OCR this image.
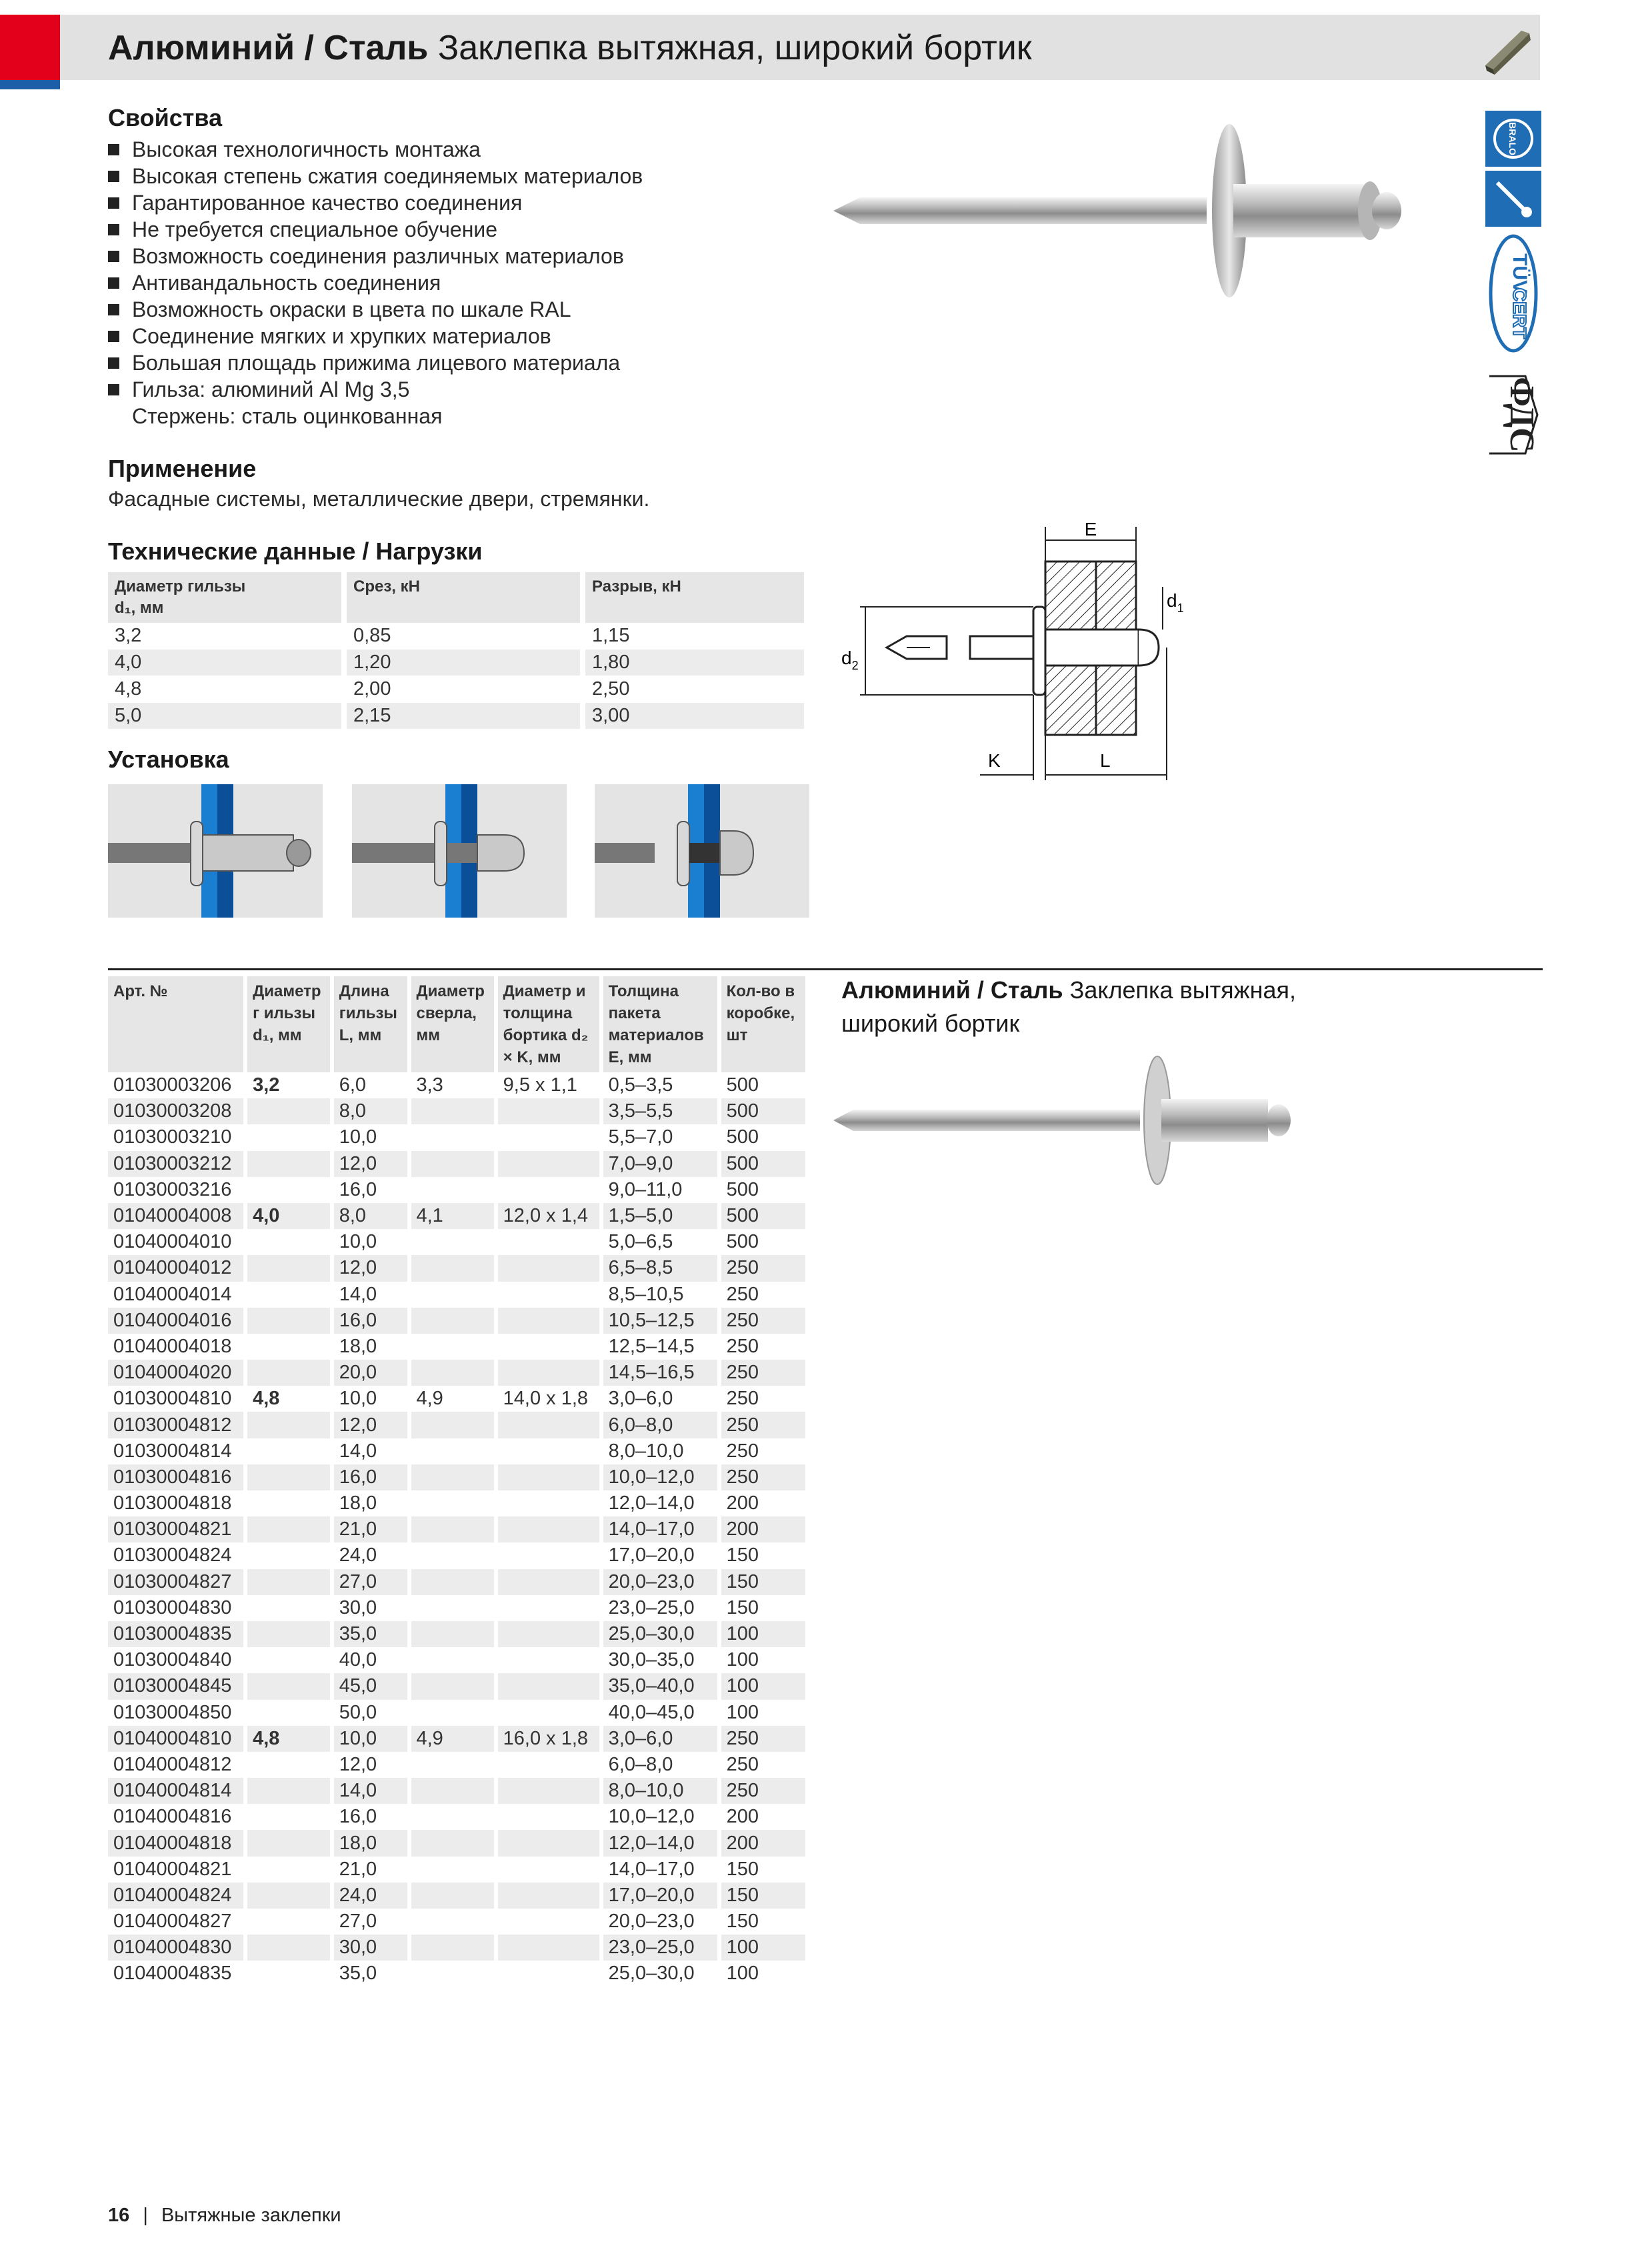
Алюминий / Сталь Заклепка вытяжная, широкий бортик
Свойства
Высокая технологичность монтажа
Высокая степень сжатия соединяемых материалов
Гарантированное качество соединения
Не требуется специальное обучение
Возможность соединения различных материалов
Антивандальность соединения
Возможность окраски в цвета по шкале RAL
Соединение мягких и хрупких материалов
Большая площадь прижима лицевого материала
Гильза: алюминий Al Mg 3,5
Стержень: сталь оцинкованная
BRALO
TÜV
CERT
ФДС
Применение
Фасадные системы, металлические двери, стремянки.
Технические данные / Нагрузки
Диаметр гильзы
d₁, мм	Срез, кН	Разрыв, кН
3,2	0,85	1,15
4,0	1,20	1,80
4,8	2,00	2,50
5,0	2,15	3,00
E
$d_2$
$d_1$
K	L
Установка
Арт. №	Диаметр г ильзы d₁, мм	Длина гильзы L, мм	Диаметр сверла, мм	Диаметр и толщина бортика d₂ × K, мм	Толщина пакета материалов E, мм	Кол-во в коробке, шт
01030003206	3,2	6,0	3,3	9,5 x 1,1	0,5–3,5	500
01030003208		8,0			3,5–5,5	500
01030003210		10,0			5,5–7,0	500
01030003212		12,0			7,0–9,0	500
01030003216		16,0			9,0–11,0	500
01040004008	4,0	8,0	4,1	12,0 x 1,4	1,5–5,0	500
01040004010		10,0			5,0–6,5	500
01040004012		12,0			6,5–8,5	250
01040004014		14,0			8,5–10,5	250
01040004016		16,0			10,5–12,5	250
01040004018		18,0			12,5–14,5	250
01040004020		20,0			14,5–16,5	250
01030004810	4,8	10,0	4,9	14,0 x 1,8	3,0–6,0	250
01030004812		12,0			6,0–8,0	250
01030004814		14,0			8,0–10,0	250
01030004816		16,0			10,0–12,0	250
01030004818		18,0			12,0–14,0	200
01030004821		21,0			14,0–17,0	200
01030004824		24,0			17,0–20,0	150
01030004827		27,0			20,0–23,0	150
01030004830		30,0			23,0–25,0	150
01030004835		35,0			25,0–30,0	100
01030004840		40,0			30,0–35,0	100
01030004845		45,0			35,0–40,0	100
01030004850		50,0			40,0–45,0	100
01040004810	4,8	10,0	4,9	16,0 x 1,8	3,0–6,0	250
01040004812		12,0			6,0–8,0	250
01040004814		14,0			8,0–10,0	250
01040004816		16,0			10,0–12,0	200
01040004818		18,0			12,0–14,0	200
01040004821		21,0			14,0–17,0	150
01040004824		24,0			17,0–20,0	150
01040004827		27,0			20,0–23,0	150
01040004830		30,0			23,0–25,0	100
01040004835		35,0			25,0–30,0	100
Алюминий / Сталь Заклепка вытяжная, широкий бортик
16 | Вытяжные заклепки
